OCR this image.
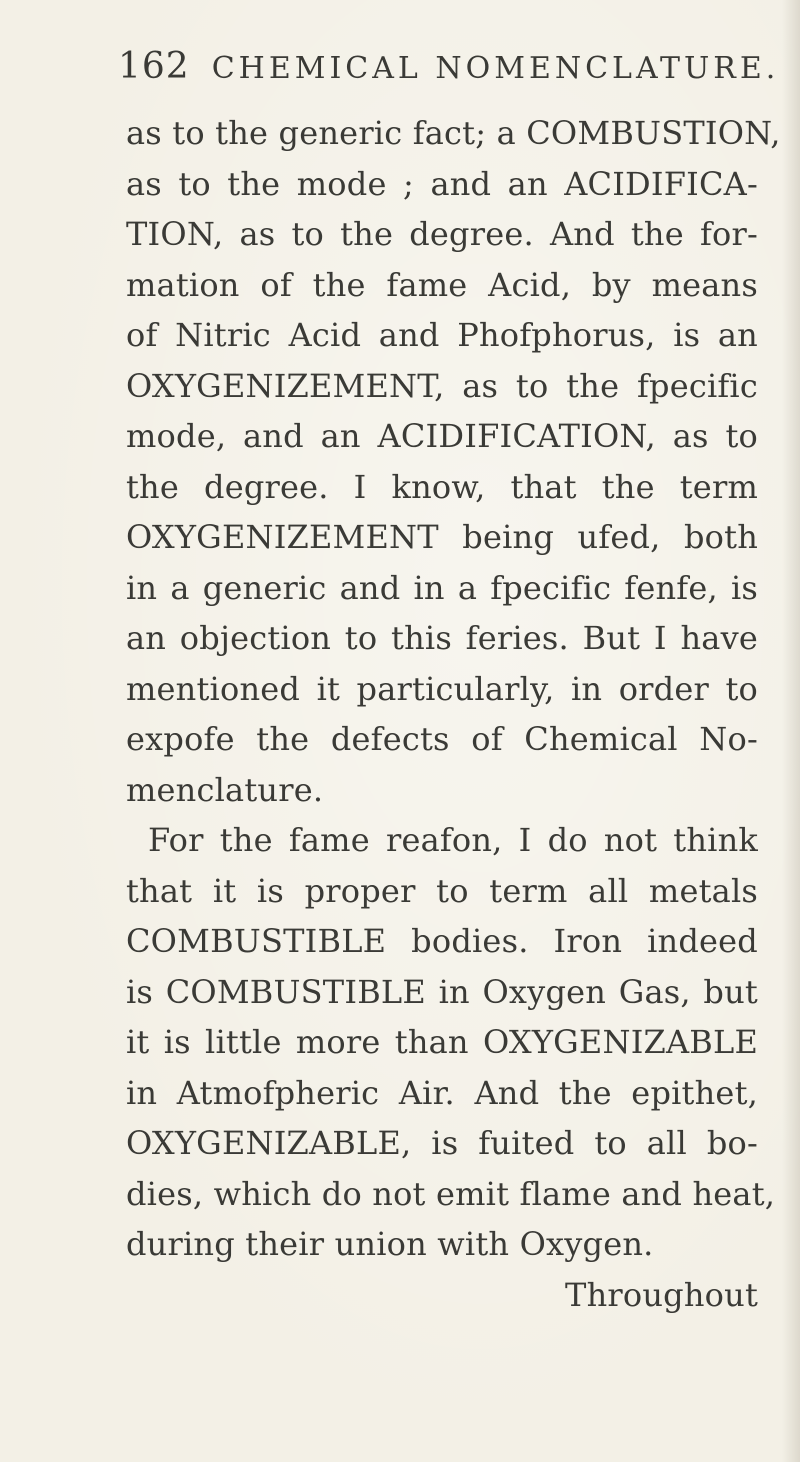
162 CHEMICAL NOMENCLATURE.
as to the generic fact; a COMBUSTION,
as to the mode ; and an ACIDIFICA-
TION, as to the degree. And the for-
mation of the fame Acid, by means
of Nitric Acid and Phofphorus, is an
OXYGENIZEMENT, as to the fpecific
mode, and an ACIDIFICATION, as to
the degree. I know, that the term
OXYGENIZEMENT being ufed, both
in a generic and in a fpecific fenfe, is
an objection to this feries. But I have
mentioned it particularly, in order to
expofe the defects of Chemical No-
menclature.
For the fame reafon, I do not think
that it is proper to term all metals
COMBUSTIBLE bodies. Iron indeed
is COMBUSTIBLE in Oxygen Gas, but
it is little more than OXYGENIZABLE
in Atmofpheric Air. And the epithet,
OXYGENIZABLE, is fuited to all bo-
dies, which do not emit flame and heat,
during their union with Oxygen.
Throughout
